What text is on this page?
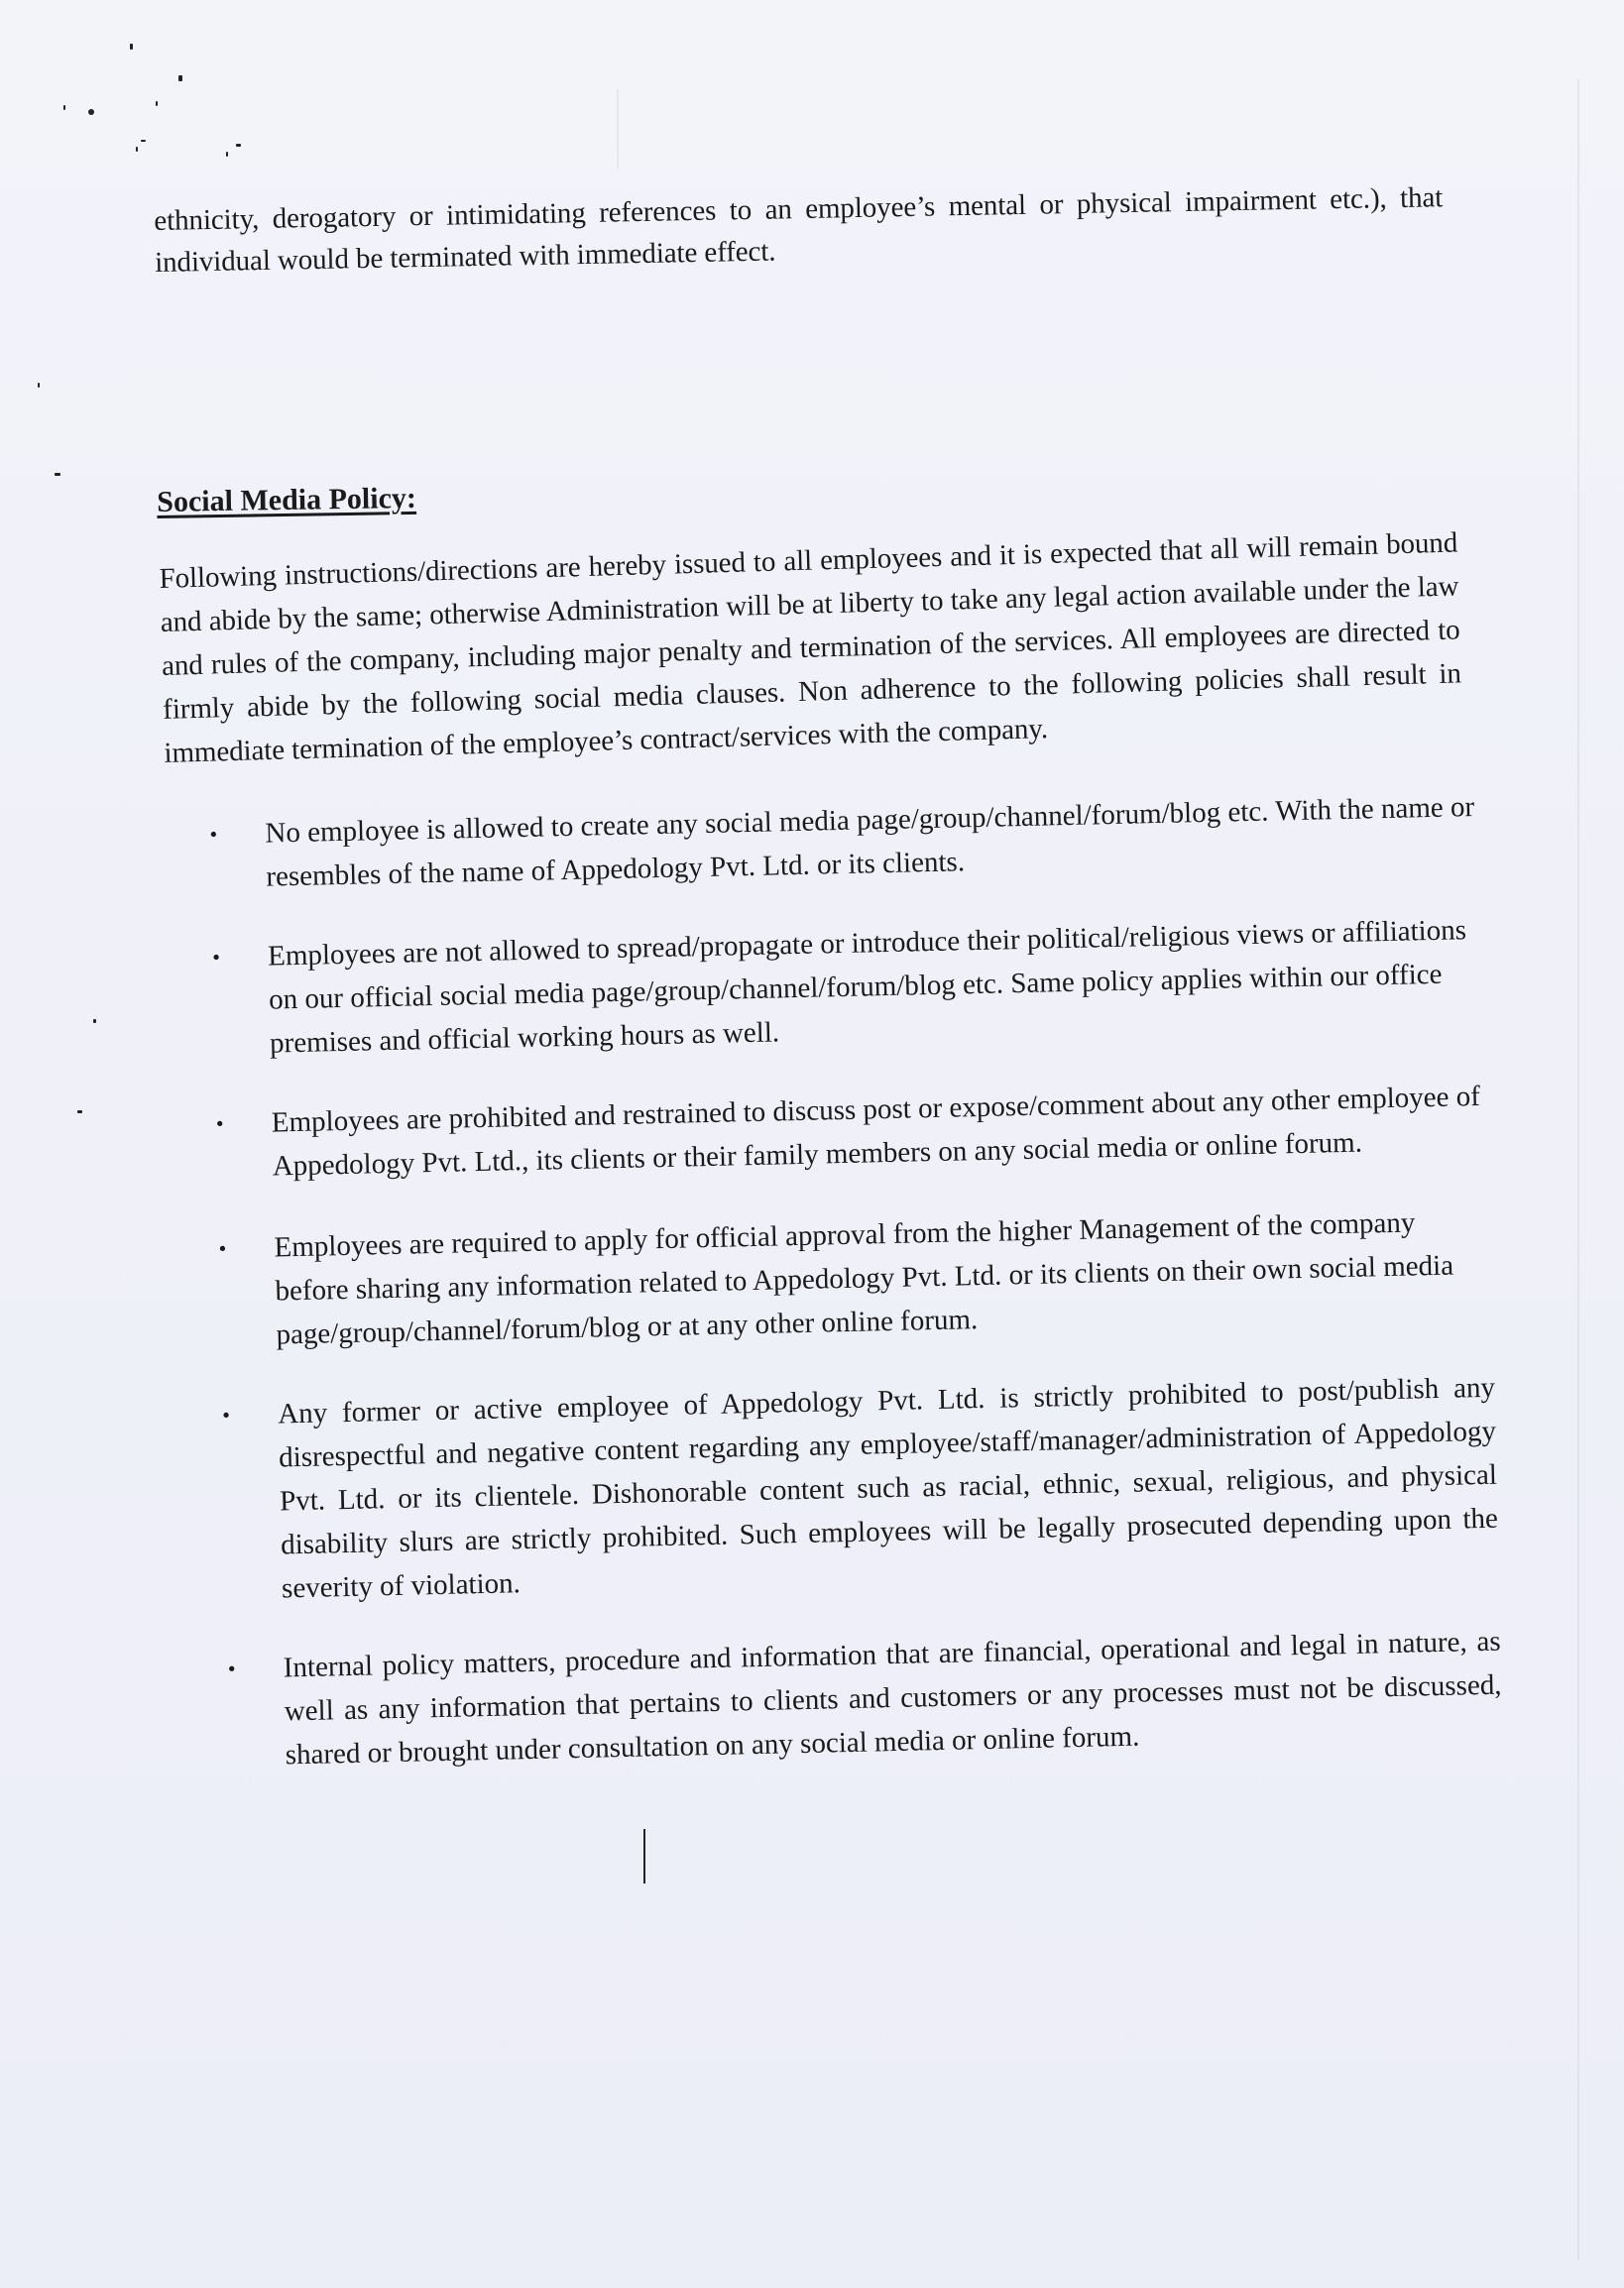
ethnicity, derogatory or intimidating references to an employee’s mental or physical impairment etc.), that individual would be terminated with immediate effect.
Social Media Policy:
Following instructions/directions are hereby issued to all employees and it is expected that all will remain bound and abide by the same; otherwise Administration will be at liberty to take any legal action available under the law and rules of the company, including major penalty and termination of the services. All employees are directed to firmly abide by the following social media clauses. Non adherence to the following policies shall result in immediate termination of the employee’s contract/services with the company.
• No employee is allowed to create any social media page/group/channel/forum/blog etc. With the name or resembles of the name of Appedology Pvt. Ltd. or its clients.
• Employees are not allowed to spread/propagate or introduce their political/religious views or affiliations on our official social media page/group/channel/forum/blog etc. Same policy applies within our office premises and official working hours as well.
• Employees are prohibited and restrained to discuss post or expose/comment about any other employee of Appedology Pvt. Ltd., its clients or their family members on any social media or online forum.
• Employees are required to apply for official approval from the higher Management of the company before sharing any information related to Appedology Pvt. Ltd. or its clients on their own social media page/group/channel/forum/blog or at any other online forum.
• Any former or active employee of Appedology Pvt. Ltd. is strictly prohibited to post/publish any disrespectful and negative content regarding any employee/staff/manager/administration of Appedology Pvt. Ltd. or its clientele. Dishonorable content such as racial, ethnic, sexual, religious, and physical disability slurs are strictly prohibited. Such employees will be legally prosecuted depending upon the severity of violation.
• Internal policy matters, procedure and information that are financial, operational and legal in nature, as well as any information that pertains to clients and customers or any processes must not be discussed, shared or brought under consultation on any social media or online forum.
